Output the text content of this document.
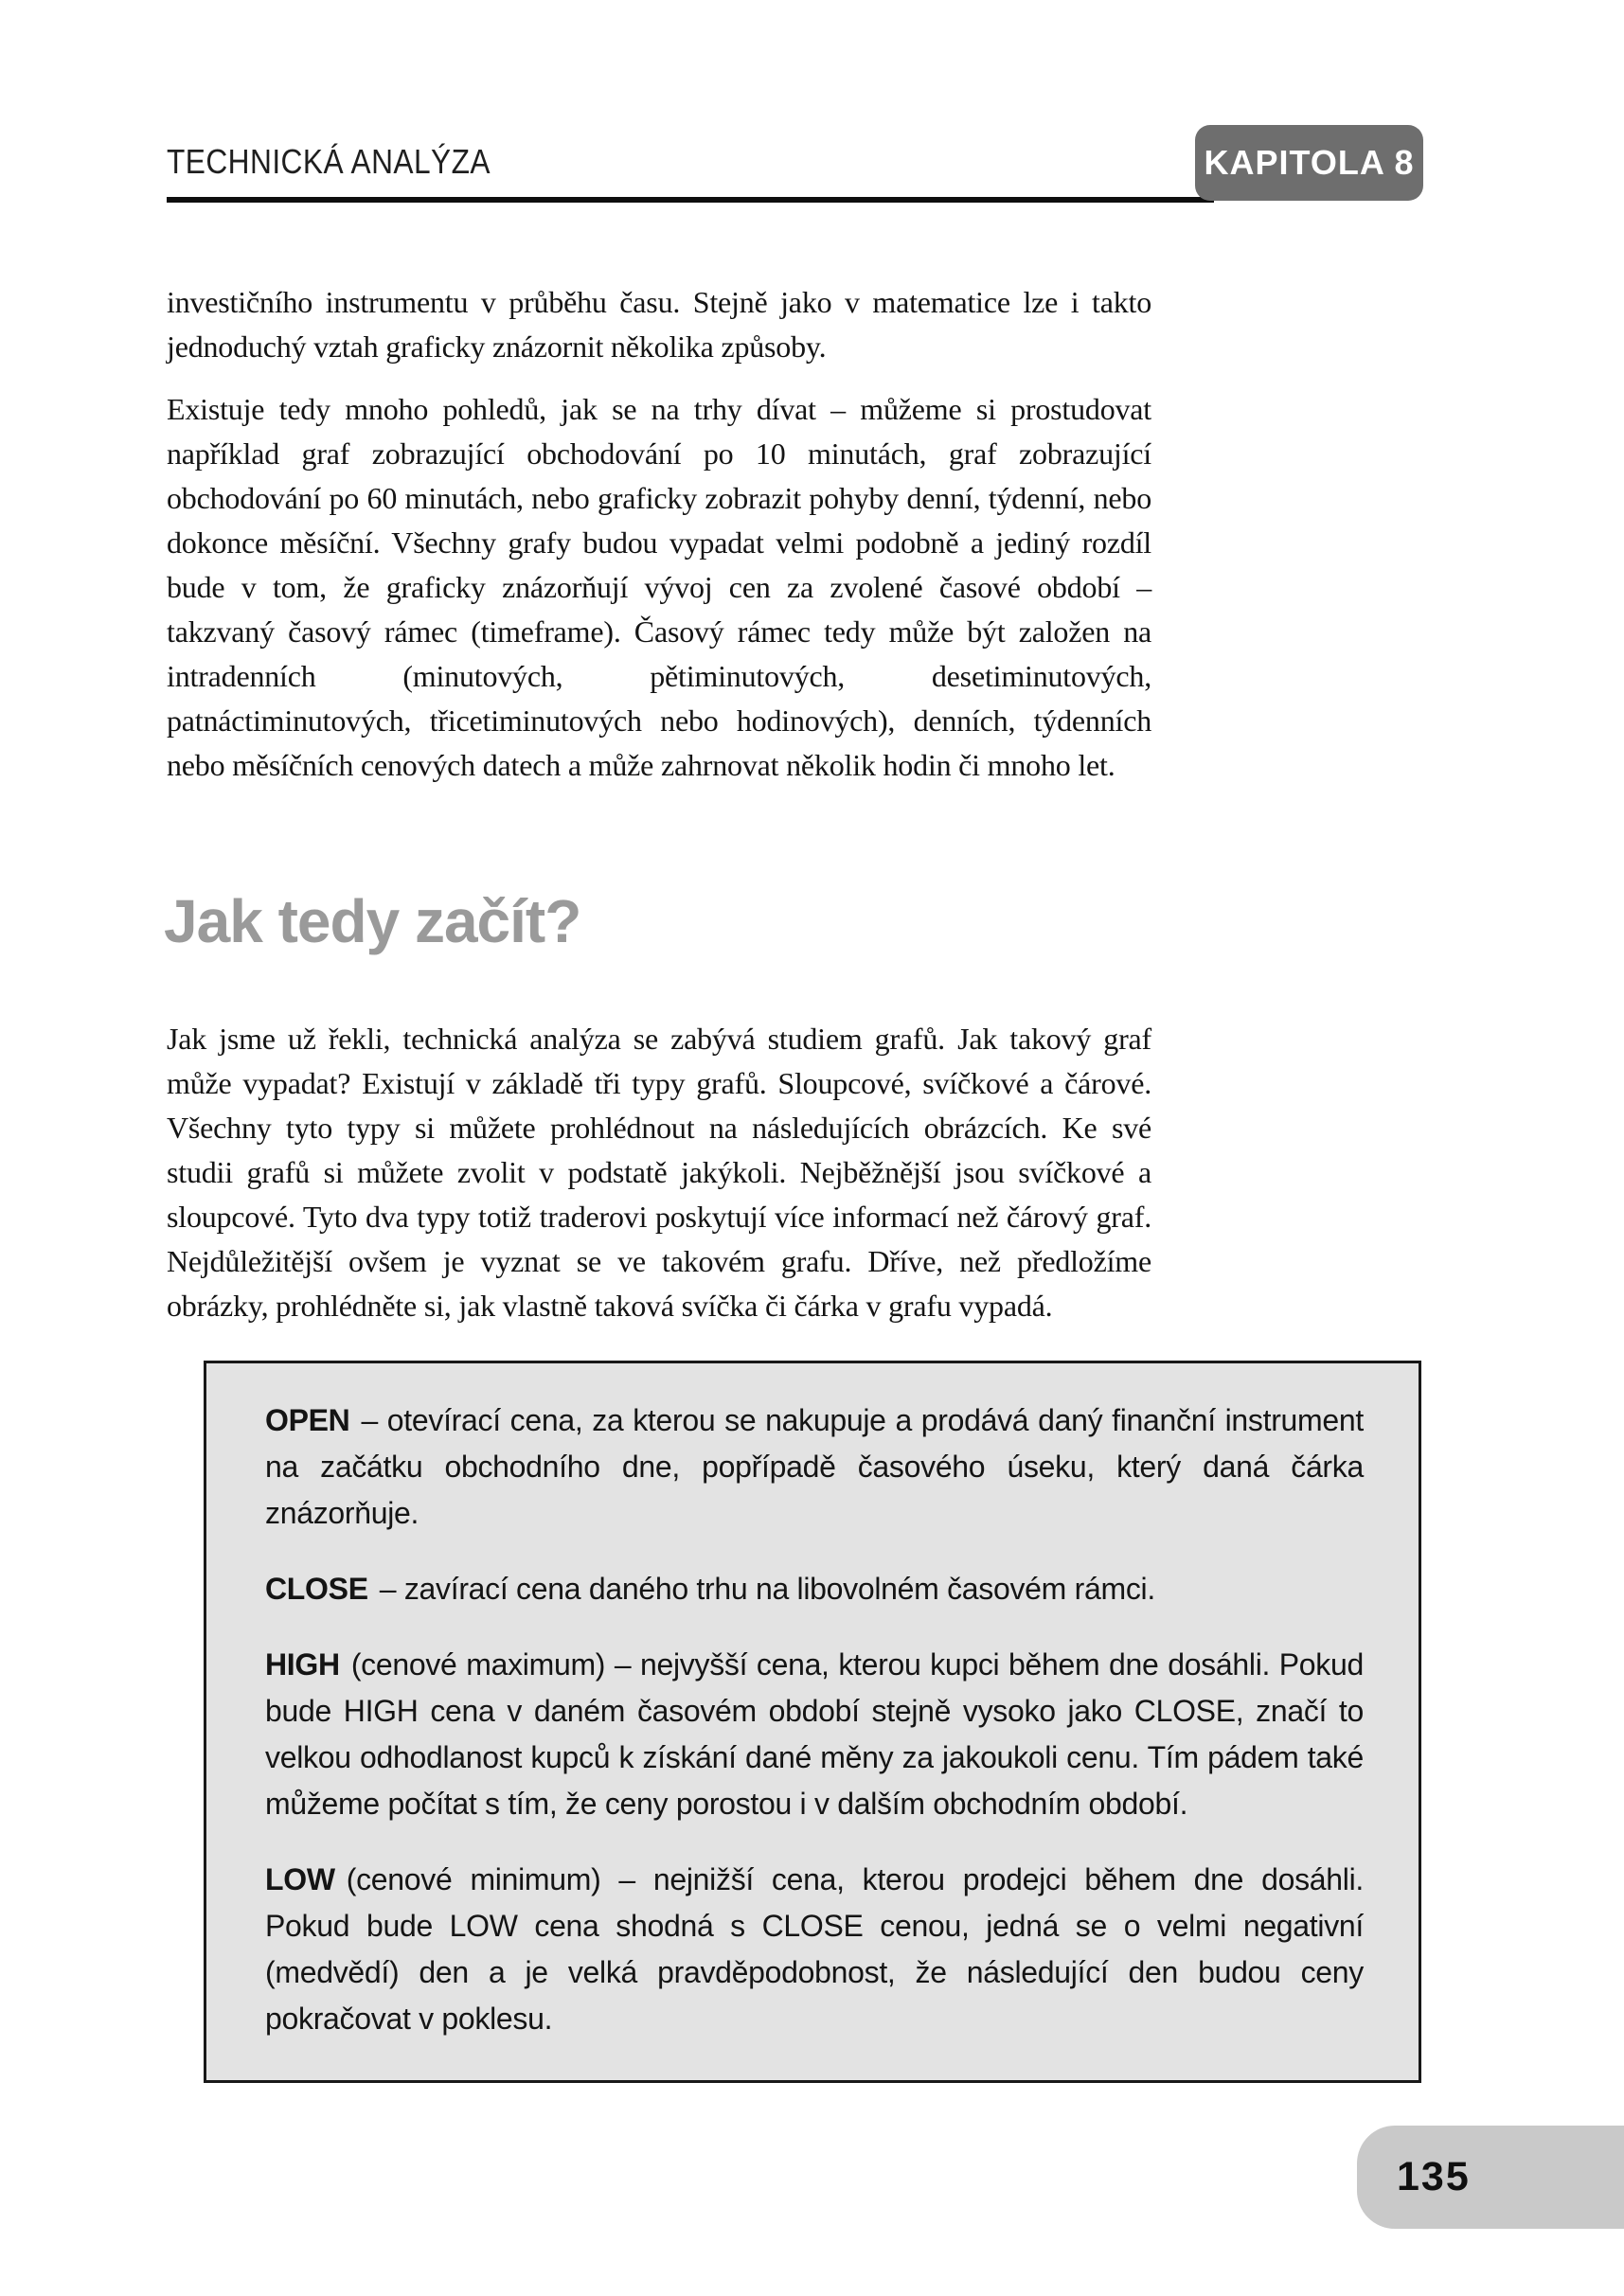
TECHNICKÁ ANALÝZA	KAPITOLA 8

investičního instrumentu v průběhu času. Stejně jako v matematice lze i takto jednoduchý vztah graficky znázornit několika způsoby.

Existuje tedy mnoho pohledů, jak se na trhy dívat – můžeme si prostudovat například graf zobrazující obchodování po 10 minutách, graf zobrazující obchodování po 60 minutách, nebo graficky zobrazit pohyby denní, týdenní, nebo dokonce měsíční. Všechny grafy budou vypadat velmi podobně a jediný rozdíl bude v tom, že graficky znázorňují vývoj cen za zvolené časové období – takzvaný časový rámec (timeframe). Časový rámec tedy může být založen na intradenních (minutových, pětiminutových, desetiminutových, patnáctiminutových, třicetiminutových nebo hodinových), denních, týdenních nebo měsíčních cenových datech a může zahrnovat několik hodin či mnoho let.

Jak tedy začít?

Jak jsme už řekli, technická analýza se zabývá studiem grafů. Jak takový graf může vypadat? Existují v základě tři typy grafů. Sloupcové, svíčkové a čárové. Všechny tyto typy si můžete prohlédnout na následujících obrázcích. Ke své studii grafů si můžete zvolit v podstatě jakýkoli. Nejběžnější jsou svíčkové a sloupcové. Tyto dva typy totiž traderovi poskytují více informací než čárový graf. Nejdůležitější ovšem je vyznat se ve takovém grafu. Dříve, než předložíme obrázky, prohlédněte si, jak vlastně taková svíčka či čárka v grafu vypadá.

OPEN – otevírací cena, za kterou se nakupuje a prodává daný finanční instrument na začátku obchodního dne, popřípadě časového úseku, který daná čárka znázorňuje.

CLOSE – zavírací cena daného trhu na libovolném časovém rámci.

HIGH (cenové maximum) – nejvyšší cena, kterou kupci během dne dosáhli. Pokud bude HIGH cena v daném časovém období stejně vysoko jako CLOSE, značí to velkou odhodlanost kupců k získání dané měny za jakoukoli cenu. Tím pádem také můžeme počítat s tím, že ceny porostou i v dalším obchodním období.

LOW (cenové minimum) – nejnižší cena, kterou prodejci během dne dosáhli. Pokud bude LOW cena shodná s CLOSE cenou, jedná se o velmi negativní (medvědí) den a je velká pravděpodobnost, že následující den budou ceny pokračovat v poklesu.

135
